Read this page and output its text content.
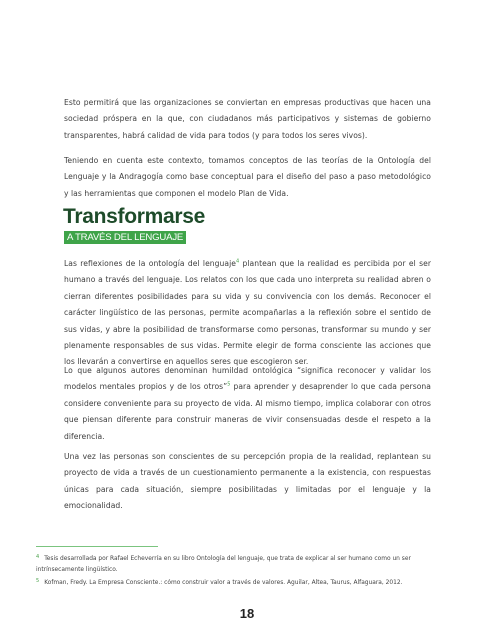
Esto permitirá que las organizaciones se conviertan en empresas productivas que hacen una sociedad próspera en la que, con ciudadanos más participativos y sistemas de gobierno transparentes, habrá calidad de vida para todos (y para todos los seres vivos).

Teniendo en cuenta este contexto, tomamos conceptos de las teorías de la Ontología del Lenguaje y la Andragogía como base conceptual para el diseño del paso a paso metodológico y las herramientas que componen el modelo Plan de Vida.

Transformarse
A TRAVÉS DEL LENGUAJE

Las reflexiones de la ontología del lenguaje$^4$ plantean que la realidad es percibida por el ser humano a través del lenguaje. Los relatos con los que cada uno interpreta su realidad abren o cierran diferentes posibilidades para su vida y su convivencia con los demás. Reconocer el carácter lingüístico de las personas, permite acompañarlas a la reflexión sobre el sentido de sus vidas, y abre la posibilidad de transformarse como personas, transformar su mundo y ser plenamente responsables de sus vidas. Permite elegir de forma consciente las acciones que los llevarán a convertirse en aquellos seres que escogieron ser.

Lo que algunos autores denominan humildad ontológica “significa reconocer y validar los modelos mentales propios y de los otros”$^5$ para aprender y desaprender lo que cada persona considere conveniente para su proyecto de vida. Al mismo tiempo, implica colaborar con otros que piensan diferente para construir maneras de vivir consensuadas desde el respeto a la diferencia.

Una vez las personas son conscientes de su percepción propia de la realidad, replantean su proyecto de vida a través de un cuestionamiento permanente a la existencia, con respuestas únicas para cada situación, siempre posibilitadas y limitadas por el lenguaje y la emocionalidad.

$^4$ Tesis desarrollada por Rafael Echeverría en su libro Ontología del lenguaje, que trata de explicar al ser humano como un ser intrínsecamente lingüístico.

$^5$ Kofman, Fredy. La Empresa Consciente.: cómo construir valor a través de valores. Aguilar, Altea, Taurus, Alfaguara, 2012.

18
